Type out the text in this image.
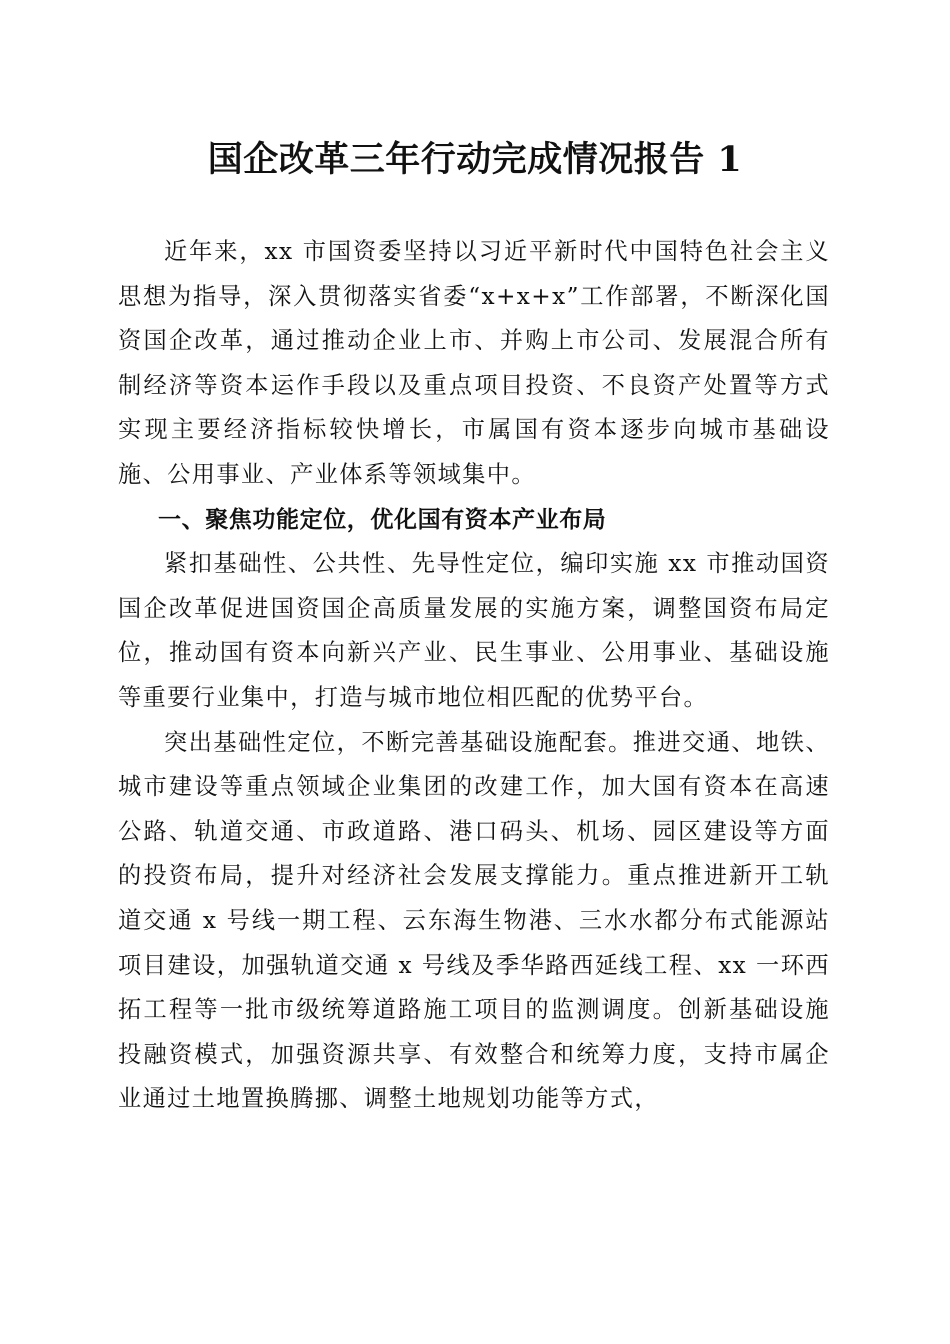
国企改革三年行动完成情况报告 1

近年来，xx 市国资委坚持以习近平新时代中国特色社会主义思想为指导，深入贯彻落实省委“x+x+x”工作部署，不断深化国资国企改革，通过推动企业上市、并购上市公司、发展混合所有制经济等资本运作手段以及重点项目投资、不良资产处置等方式实现主要经济指标较快增长，市属国有资本逐步向城市基础设施、公用事业、产业体系等领域集中。

一、聚焦功能定位，优化国有资本产业布局

紧扣基础性、公共性、先导性定位，编印实施 xx 市推动国资国企改革促进国资国企高质量发展的实施方案，调整国资布局定位，推动国有资本向新兴产业、民生事业、公用事业、基础设施等重要行业集中，打造与城市地位相匹配的优势平台。

突出基础性定位，不断完善基础设施配套。推进交通、地铁、城市建设等重点领域企业集团的改建工作，加大国有资本在高速公路、轨道交通、市政道路、港口码头、机场、园区建设等方面的投资布局，提升对经济社会发展支撑能力。重点推进新开工轨道交通 x 号线一期工程、云东海生物港、三水水都分布式能源站项目建设，加强轨道交通 x 号线及季华路西延线工程、xx 一环西拓工程等一批市级统筹道路施工项目的监测调度。创新基础设施投融资模式，加强资源共享、有效整合和统筹力度，支持市属企业通过土地置换腾挪、调整土地规划功能等方式，
